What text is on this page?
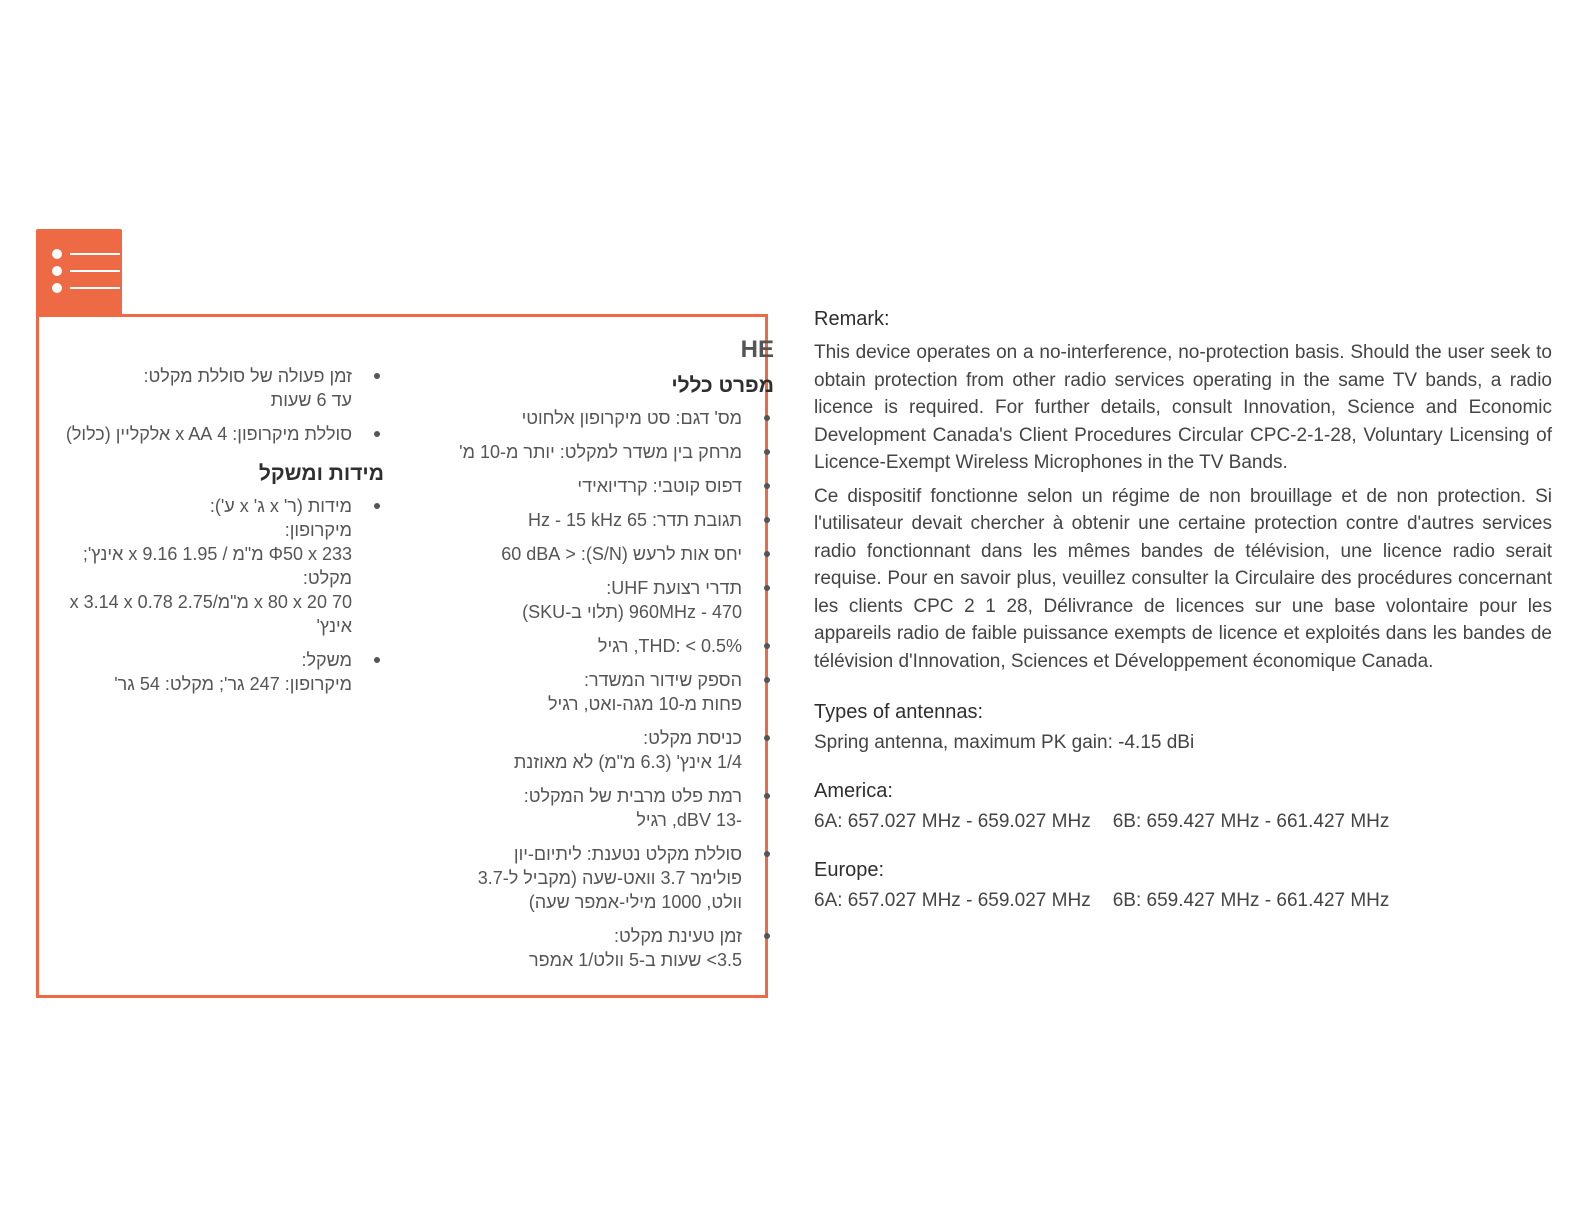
HE
מפרט כללי
מס' דגם: סט מיקרופון אלחוטי
מרחק בין משדר למקלט: יותר מ-10 מ'
דפוס קוטבי: קרדיואידי
תגובת תדר: 65 Hz - 15 kHz
יחס אות לרעש (S/N): < 60 dBA
תדרי רצועת UHF:
470 - 960MHz (תלוי ב-SKU)
THD: < 0.5%, רגיל
הספק שידור המשדר:
פחות מ-10 מגה-ואט, רגיל
כניסת מקלט:
1/4 אינץ' (6.3 מ"מ) לא מאוזנת
רמת פלט מרבית של המקלט:
-13 dBV, רגיל
סוללת מקלט נטענת: ליתיום-יון
פולימר 3.7 וואט-שעה (מקביל ל-3.7
וולט, 1000 מילי-אמפר שעה)
זמן טעינת מקלט:
3.5> שעות ב-5 וולט/1 אמפר
זמן פעולה של סוללת מקלט:
עד 6 שעות
סוללת מיקרופון: 4 x AA אלקליין (כלול)
מידות ומשקל
מידות (ר' x ג' x ע'):
מיקרופון:
Φ50 x 233 מ"מ / 1.95 x 9.16 אינץ';
מקלט:
70 x 80 x 20 מ"מ/2.75 x 3.14 x 0.78 אינץ'
משקל:
מיקרופון: 247 גר'; מקלט: 54 גר'
Remark:

This device operates on a no-interference, no-protection basis. Should the user seek to obtain protection from other radio services operating in the same TV bands, a radio licence is required. For further details, consult Innovation, Science and Economic Development Canada's Client Procedures Circular CPC-2-1-28, Voluntary Licensing of Licence-Exempt Wireless Microphones in the TV Bands.

Ce dispositif fonctionne selon un régime de non brouillage et de non protection. Si l'utilisateur devait chercher à obtenir une certaine protection contre d'autres services radio fonctionnant dans les mêmes bandes de télévision, une licence radio serait requise. Pour en savoir plus, veuillez consulter la Circulaire des procédures concernant les clients CPC 2 1 28, Délivrance de licences sur une base volontaire pour les appareils radio de faible puissance exempts de licence et exploités dans les bandes de télévision d'Innovation, Sciences et Développement économique Canada.

Types of antennas:
Spring antenna, maximum PK gain: -4.15 dBi
America:
6A: 657.027 MHz - 659.027 MHz 6B: 659.427 MHz - 661.427 MHz
Europe:
6A: 657.027 MHz - 659.027 MHz 6B: 659.427 MHz - 661.427 MHz
